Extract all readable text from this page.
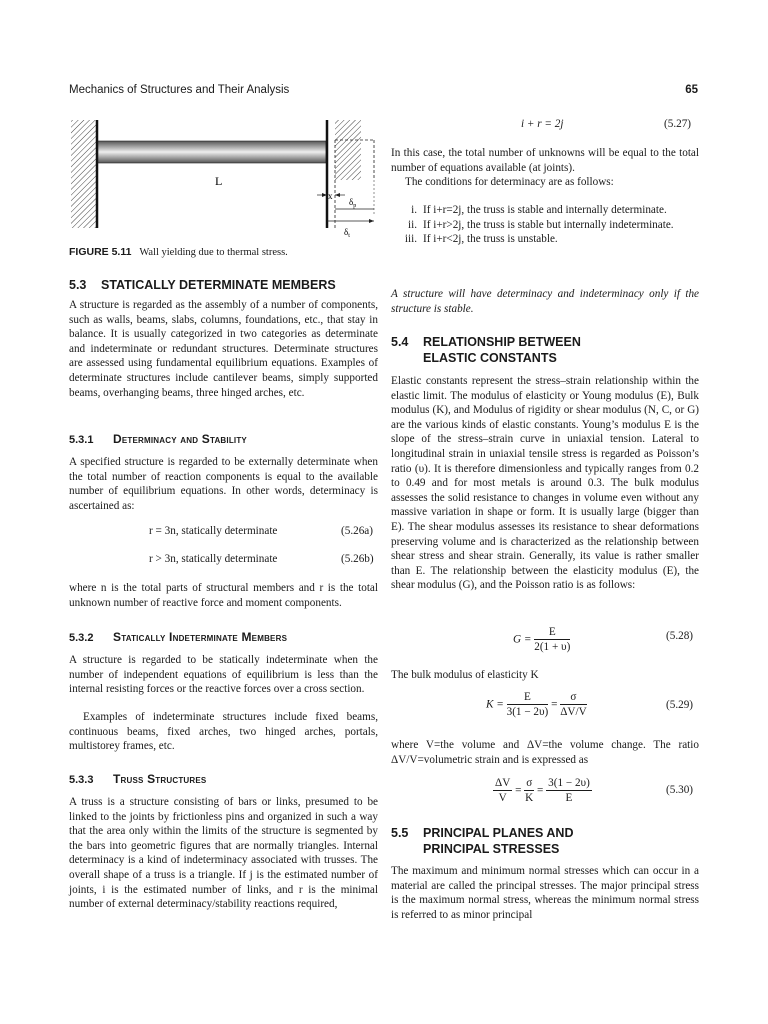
Mechanics of Structures and Their Analysis	65
L
x
$\delta_p$
$\delta_t$
FIGURE 5.11 Wall yielding due to thermal stress.
5.3 STATICALLY DETERMINATE MEMBERS

A structure is regarded as the assembly of a number of components, such as walls, beams, slabs, columns, foundations, etc., that stay in balance. It is usually categorized in two categories as determinate and indeterminate or redundant structures. Determinate structures are assessed using fundamental equilibrium equations. Examples of determinate structures include cantilever beams, simply supported beams, overhanging beams, three hinged arches, etc.

5.3.1 Determinacy and Stability

A specified structure is regarded to be externally determinate when the total number of reaction components is equal to the available number of equilibrium equations. In other words, determinacy is ascertained as:

r = 3n, statically determinate	(5.26a)
r > 3n, statically determinate	(5.26b)

where n is the total parts of structural members and r is the total unknown number of reactive force and moment components.

5.3.2 Statically Indeterminate Members

A structure is regarded to be statically indeterminate when the number of independent equations of equilibrium is less than the internal resisting forces or the reactive forces over a cross section.

Examples of indeterminate structures include fixed beams, continuous beams, fixed arches, two hinged arches, portals, multistorey frames, etc.

5.3.3 Truss Structures

A truss is a structure consisting of bars or links, presumed to be linked to the joints by frictionless pins and organized in such a way that the area only within the limits of the structure is segmented by the bars into geometric figures that are normally triangles. Internal determinacy is a kind of indeterminacy associated with trusses. The overall shape of a truss is a triangle. If j is the estimated number of joints, i is the estimated number of links, and r is the minimal number of external determinacy/stability reactions required,

i + r = 2j	(5.27)

In this case, the total number of unknowns will be equal to the total number of equations available (at joints).

The conditions for determinacy are as follows:

i. If i+r=2j, the truss is stable and internally determinate.
ii. If i+r>2j, the truss is stable but internally indeterminate.
iii. If i+r<2j, the truss is unstable.

A structure will have determinacy and indeterminacy only if the structure is stable.

5.4 RELATIONSHIP BETWEEN
ELASTIC CONSTANTS

Elastic constants represent the stress–strain relationship within the elastic limit. The modulus of elasticity or Young modulus (E), Bulk modulus (K), and Modulus of rigidity or shear modulus (N, C, or G) are the various kinds of elastic constants. Young’s modulus E is the slope of the stress–strain curve in uniaxial tension. Lateral to longitudinal strain in uniaxial tensile stress is regarded as Poisson’s ratio (υ). It is therefore dimensionless and typically ranges from 0.2 to 0.49 and for most metals is around 0.3. The bulk modulus assesses the solid resistance to changes in volume even without any massive variation in shape or form. It is usually large (bigger than E). The shear modulus assesses its resistance to shear deformations preserving volume and is characterized as the relationship between shear stress and shear strain. Generally, its value is rather smaller than E. The relationship between the elasticity modulus (E), the shear modulus (G), and the Poisson ratio is as follows:

$G = \frac{E}{2(1 + \upsilon)}$	(5.28)

The bulk modulus of elasticity K

$K = \frac{E}{3(1 - 2\upsilon)} = \frac{\sigma}{\Delta V/V}$	(5.29)

where V=the volume and ΔV=the volume change. The ratio ΔV/V=volumetric strain and is expressed as

$\frac{\Delta V}{V} = \frac{\sigma}{K} = \frac{3(1 - 2\upsilon)}{E}$	(5.30)
5.5 PRINCIPAL PLANES AND
PRINCIPAL STRESSES

The maximum and minimum normal stresses which can occur in a material are called the principal stresses. The major principal stress is the maximum normal stress, whereas the minimum normal stress is referred to as minor principal
